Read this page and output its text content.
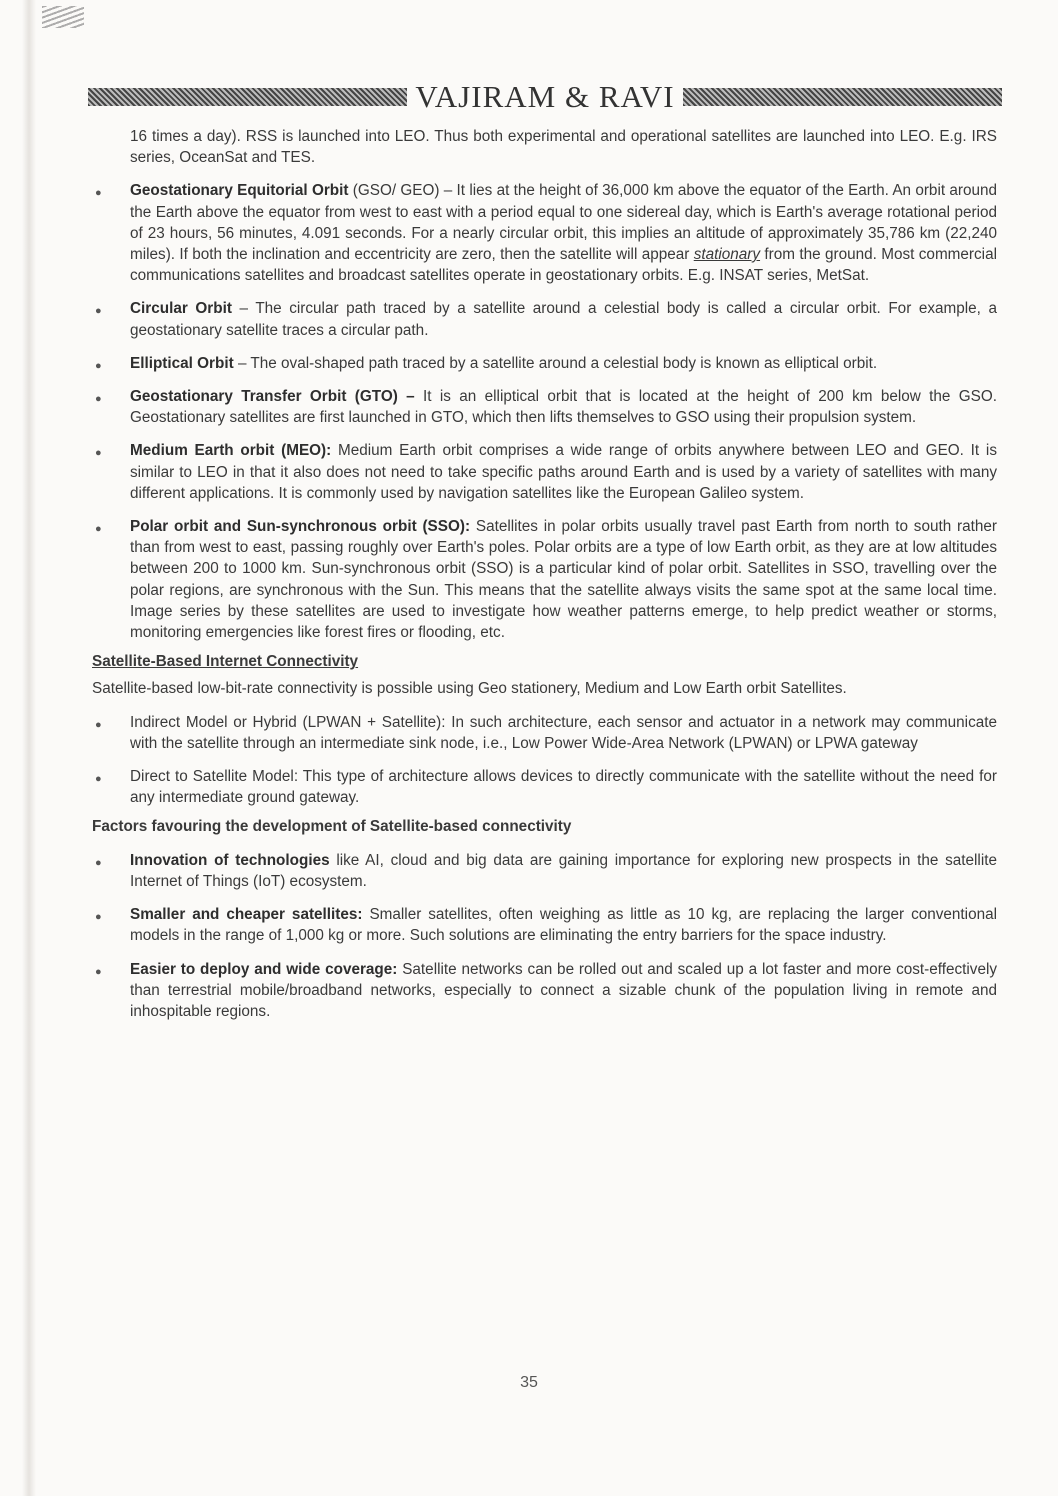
VAJIRAM & RAVI

16 times a day). RSS is launched into LEO. Thus both experimental and operational satellites are launched into LEO. E.g. IRS series, OceanSat and TES.

● Geostationary Equitorial Orbit (GSO/ GEO) – It lies at the height of 36,000 km above the equator of the Earth. An orbit around the Earth above the equator from west to east with a period equal to one sidereal day, which is Earth's average rotational period of 23 hours, 56 minutes, 4.091 seconds. For a nearly circular orbit, this implies an altitude of approximately 35,786 km (22,240 miles). If both the inclination and eccentricity are zero, then the satellite will appear stationary from the ground. Most commercial communications satellites and broadcast satellites operate in geostationary orbits. E.g. INSAT series, MetSat.

● Circular Orbit – The circular path traced by a satellite around a celestial body is called a circular orbit. For example, a geostationary satellite traces a circular path.

● Elliptical Orbit – The oval-shaped path traced by a satellite around a celestial body is known as elliptical orbit.

● Geostationary Transfer Orbit (GTO) – It is an elliptical orbit that is located at the height of 200 km below the GSO. Geostationary satellites are first launched in GTO, which then lifts themselves to GSO using their propulsion system.

● Medium Earth orbit (MEO): Medium Earth orbit comprises a wide range of orbits anywhere between LEO and GEO. It is similar to LEO in that it also does not need to take specific paths around Earth and is used by a variety of satellites with many different applications. It is commonly used by navigation satellites like the European Galileo system.

● Polar orbit and Sun-synchronous orbit (SSO): Satellites in polar orbits usually travel past Earth from north to south rather than from west to east, passing roughly over Earth's poles. Polar orbits are a type of low Earth orbit, as they are at low altitudes between 200 to 1000 km. Sun-synchronous orbit (SSO) is a particular kind of polar orbit. Satellites in SSO, travelling over the polar regions, are synchronous with the Sun. This means that the satellite always visits the same spot at the same local time. Image series by these satellites are used to investigate how weather patterns emerge, to help predict weather or storms, monitoring emergencies like forest fires or flooding, etc.

Satellite-Based Internet Connectivity

Satellite-based low-bit-rate connectivity is possible using Geo stationery, Medium and Low Earth orbit Satellites.

● Indirect Model or Hybrid (LPWAN + Satellite): In such architecture, each sensor and actuator in a network may communicate with the satellite through an intermediate sink node, i.e., Low Power Wide-Area Network (LPWAN) or LPWA gateway

● Direct to Satellite Model: This type of architecture allows devices to directly communicate with the satellite without the need for any intermediate ground gateway.

Factors favouring the development of Satellite-based connectivity

● Innovation of technologies like AI, cloud and big data are gaining importance for exploring new prospects in the satellite Internet of Things (IoT) ecosystem.

● Smaller and cheaper satellites: Smaller satellites, often weighing as little as 10 kg, are replacing the larger conventional models in the range of 1,000 kg or more. Such solutions are eliminating the entry barriers for the space industry.

● Easier to deploy and wide coverage: Satellite networks can be rolled out and scaled up a lot faster and more cost-effectively than terrestrial mobile/broadband networks, especially to connect a sizable chunk of the population living in remote and inhospitable regions.

35
